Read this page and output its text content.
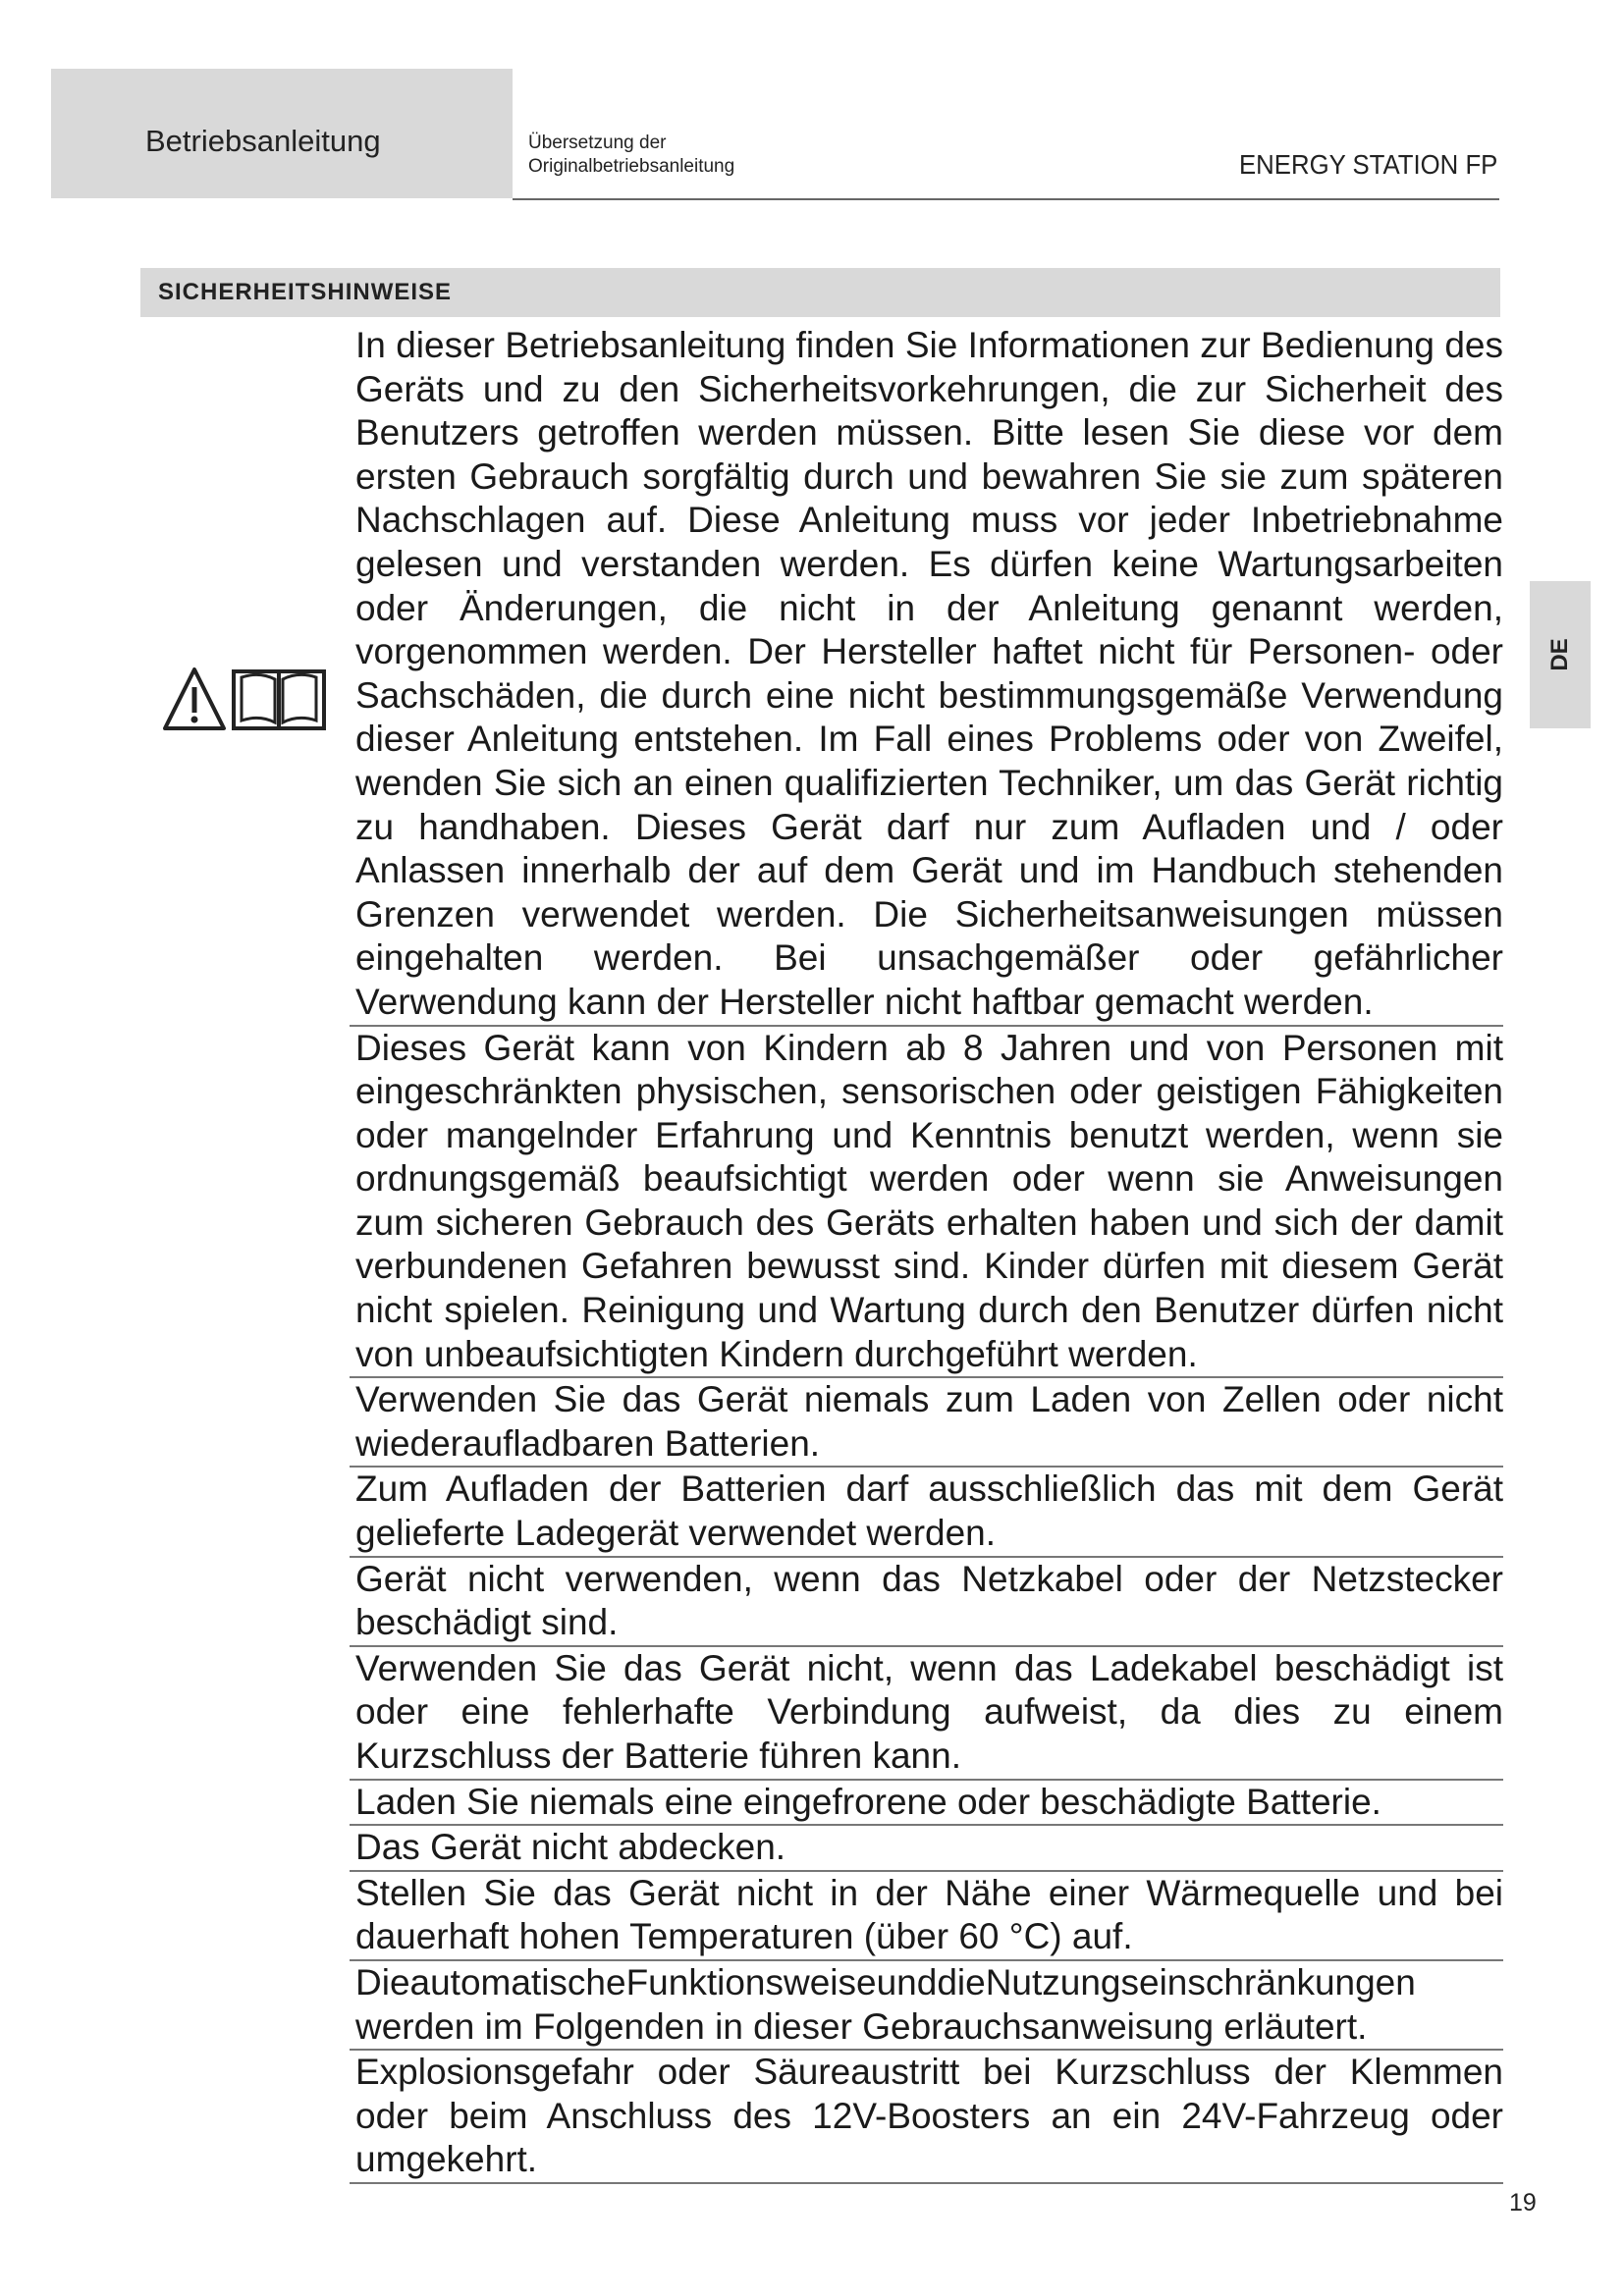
Betriebsanleitung	Übersetzung der
Originalbetriebsanleitung	ENERGY STATION FP
SICHERHEITSHINWEISE
DE
In dieser Betriebsanleitung finden Sie Informationen zur Bedienung des Geräts und zu den Sicherheitsvorkehrungen, die zur Sicherheit des Benutzers getroffen werden müssen. Bitte lesen Sie diese vor dem ersten Gebrauch sorgfältig durch und bewahren Sie sie zum späteren Nachschlagen auf. Diese Anleitung muss vor jeder Inbetriebnahme gelesen und verstanden werden. Es dürfen keine Wartungsarbeiten oder Änderungen, die nicht in der Anleitung genannt werden, vorgenommen werden. Der Hersteller haftet nicht für Personen- oder Sachschäden, die durch eine nicht bestimmungsgemäße Verwendung dieser Anleitung entstehen. Im Fall eines Problems oder von Zweifel, wenden Sie sich an einen qualifizierten Techniker, um das Gerät richtig zu handhaben. Dieses Gerät darf nur zum Aufladen und / oder Anlassen innerhalb der auf dem Gerät und im Handbuch stehenden Grenzen verwendet werden. Die Sicherheitsanweisungen müssen eingehalten werden. Bei unsachgemäßer oder gefährlicher Verwendung kann der Hersteller nicht haftbar gemacht werden.
Dieses Gerät kann von Kindern ab 8 Jahren und von Personen mit eingeschränkten physischen, sensorischen oder geistigen Fähigkeiten oder mangelnder Erfahrung und Kenntnis benutzt werden, wenn sie ordnungsgemäß beaufsichtigt werden oder wenn sie Anweisungen zum sicheren Gebrauch des Geräts erhalten haben und sich der damit verbundenen Gefahren bewusst sind. Kinder dürfen mit diesem Gerät nicht spielen. Reinigung und Wartung durch den Benutzer dürfen nicht von unbeaufsichtigten Kindern durchgeführt werden.
Verwenden Sie das Gerät niemals zum Laden von Zellen oder nicht wiederaufladbaren Batterien.
Zum Aufladen der Batterien darf ausschließlich das mit dem Gerät gelieferte Ladegerät verwendet werden.
Gerät nicht verwenden, wenn das Netzkabel oder der Netzstecker beschädigt sind.
Verwenden Sie das Gerät nicht, wenn das Ladekabel beschädigt ist oder eine fehlerhafte Verbindung aufweist, da dies zu einem Kurzschluss der Batterie führen kann.
Laden Sie niemals eine eingefrorene oder beschädigte Batterie.
Das Gerät nicht abdecken.
Stellen Sie das Gerät nicht in der Nähe einer Wärmequelle und bei dauerhaft hohen Temperaturen (über 60 °C) auf.
DieautomatischeFunktionsweiseunddieNutzungseinschränkungen werden im Folgenden in dieser Gebrauchsanweisung erläutert.
Explosionsgefahr oder Säureaustritt bei Kurzschluss der Klemmen oder beim Anschluss des 12V-Boosters an ein 24V-Fahrzeug oder umgekehrt.
19
